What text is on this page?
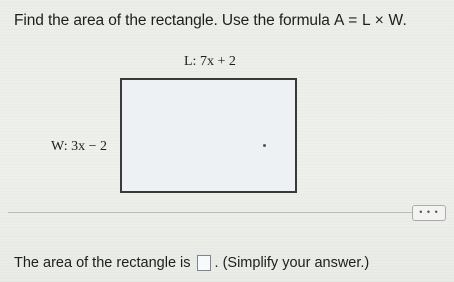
Find the area of the rectangle. Use the formula A = L × W.
L: 7x + 2
W: 3x − 2
• • •
The area of the rectangle is . (Simplify your answer.)
